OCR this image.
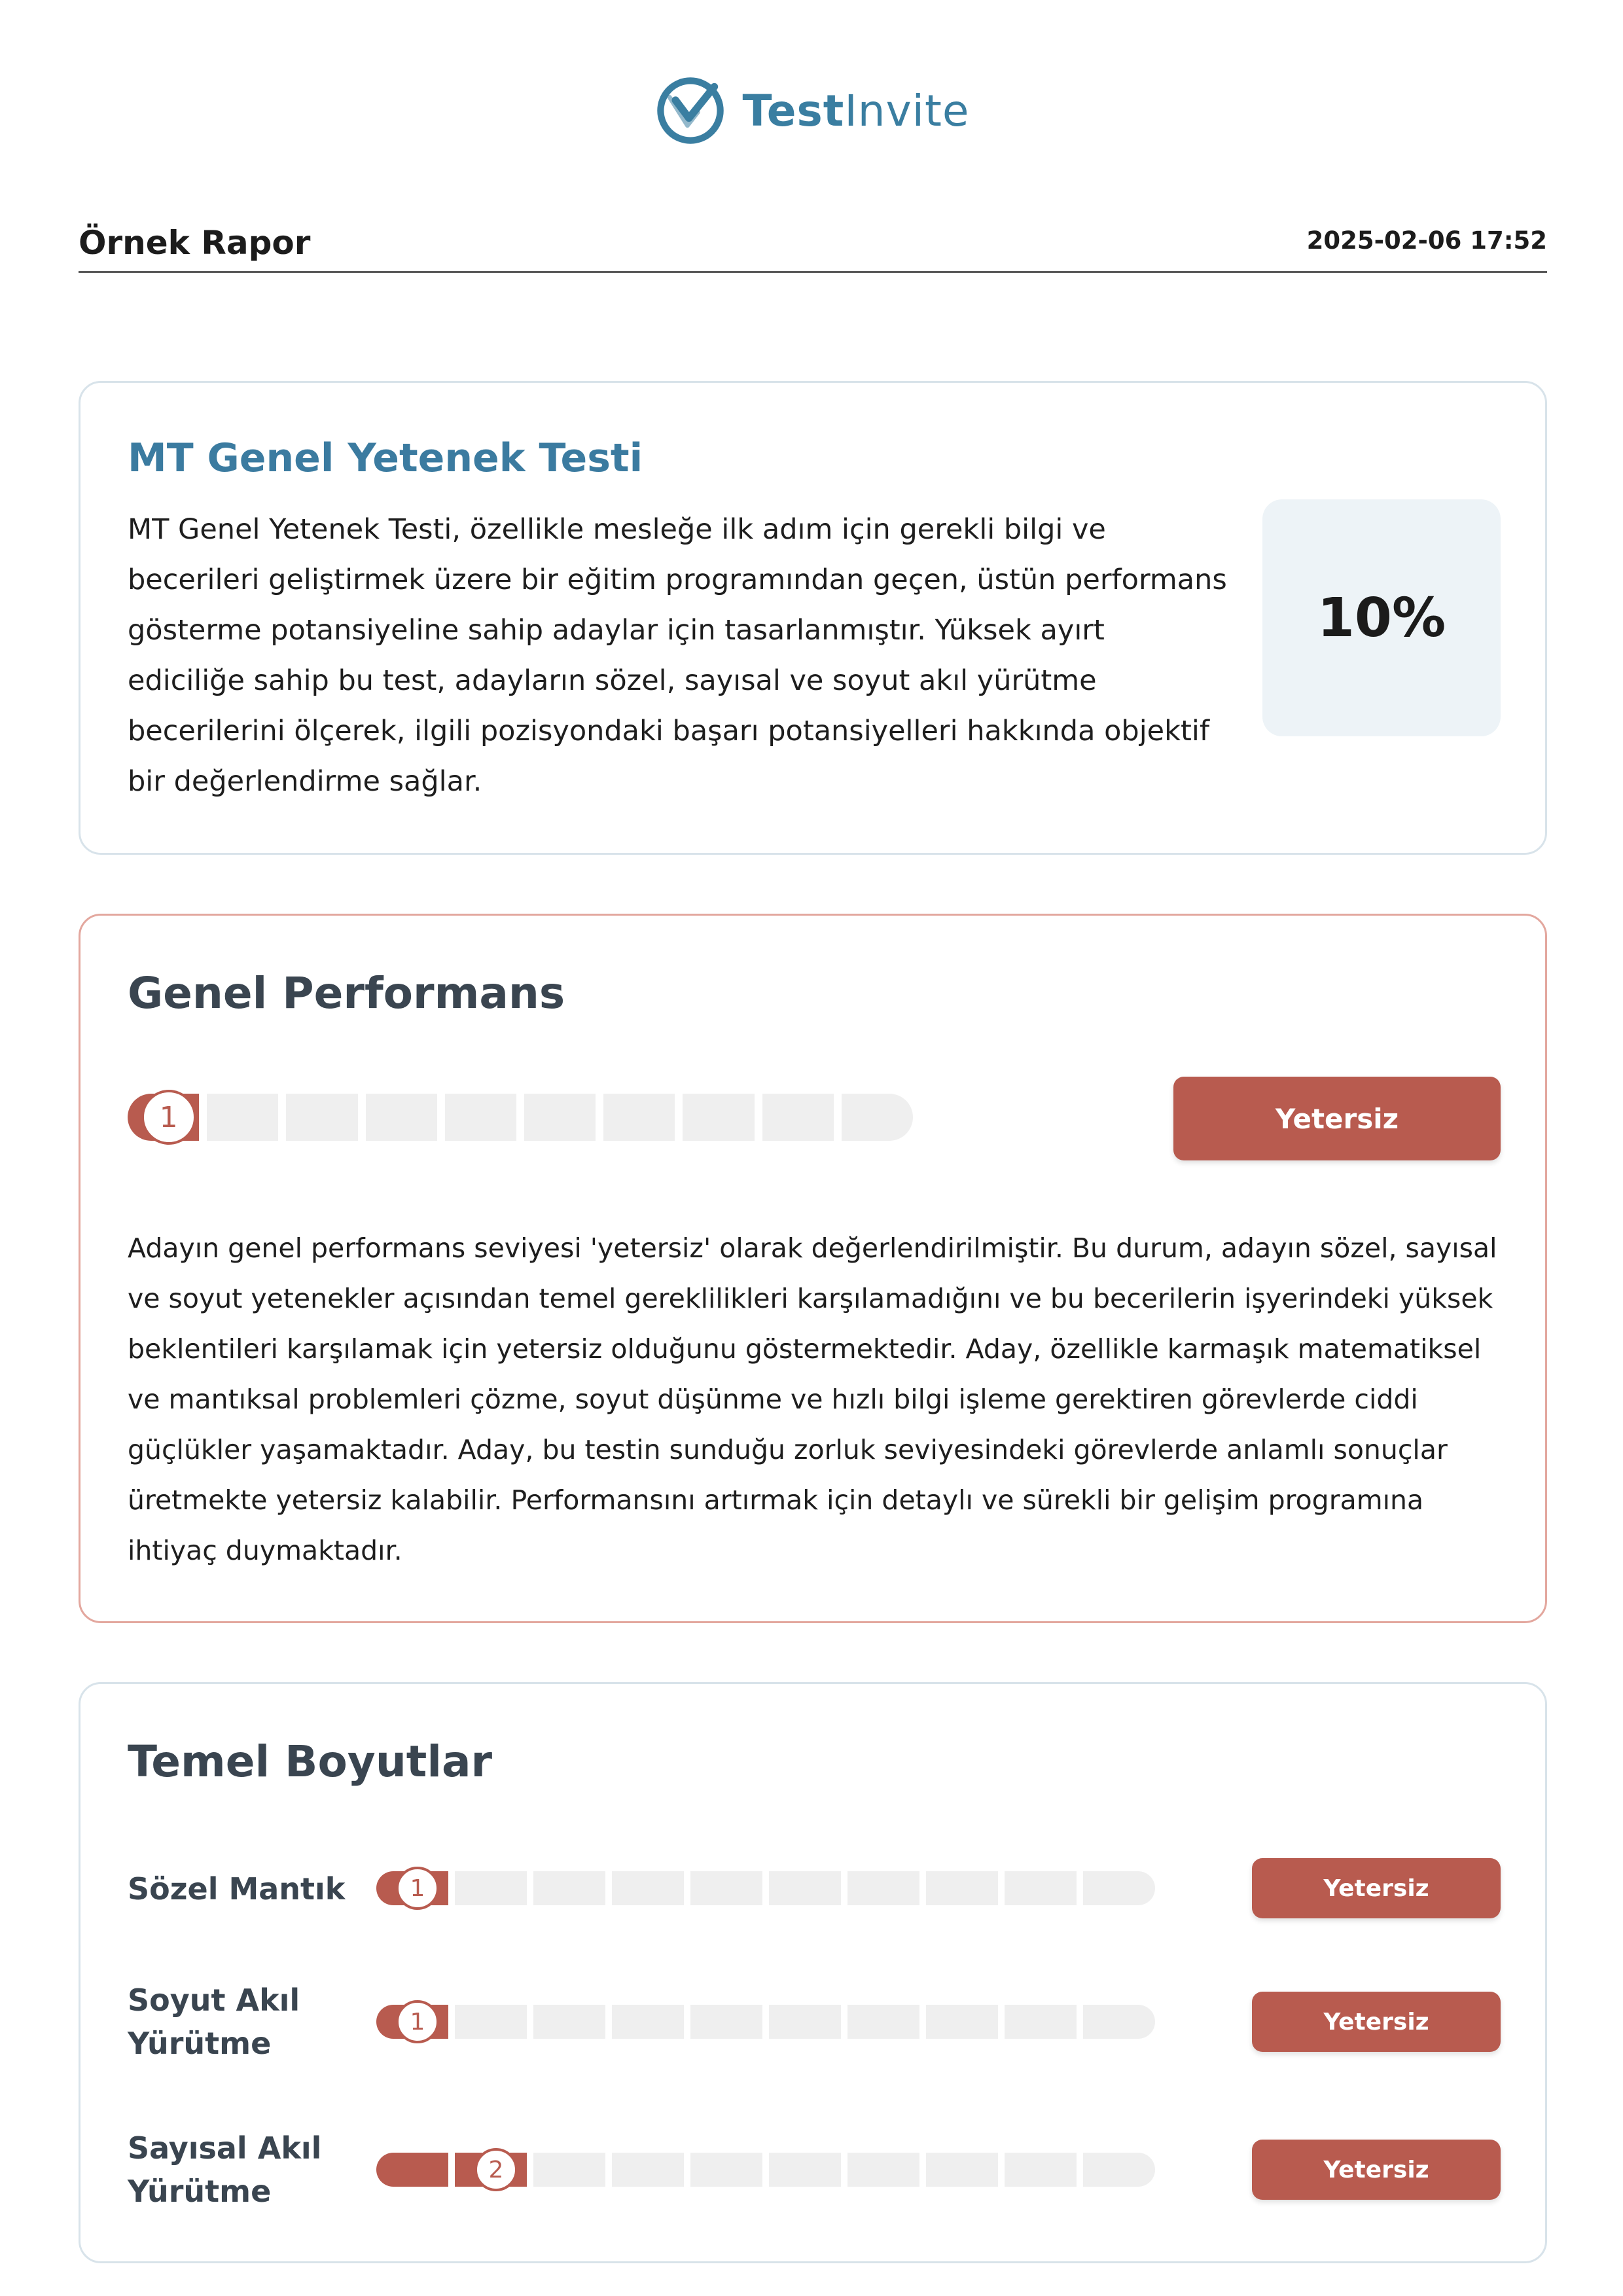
TestInvite
Örnek Rapor	2025-02-06 17:52
MT Genel Yetenek Testi
MT Genel Yetenek Testi, özellikle mesleğe ilk adım için gerekli bilgi ve becerileri geliştirmek üzere bir eğitim programından geçen, üstün performans gösterme potansiyeline sahip adaylar için tasarlanmıştır. Yüksek ayırt ediciliğe sahip bu test, adayların sözel, sayısal ve soyut akıl yürütme becerilerini ölçerek, ilgili pozisyondaki başarı potansiyelleri hakkında objektif bir değerlendirme sağlar.
10%
Genel Performans
1	Yetersiz
Adayın genel performans seviyesi 'yetersiz' olarak değerlendirilmiştir. Bu durum, adayın sözel, sayısal ve soyut yetenekler açısından temel gereklilikleri karşılamadığını ve bu becerilerin işyerindeki yüksek beklentileri karşılamak için yetersiz olduğunu göstermektedir. Aday, özellikle karmaşık matematiksel ve mantıksal problemleri çözme, soyut düşünme ve hızlı bilgi işleme gerektiren görevlerde ciddi güçlükler yaşamaktadır. Aday, bu testin sunduğu zorluk seviyesindeki görevlerde anlamlı sonuçlar üretmekte yetersiz kalabilir. Performansını artırmak için detaylı ve sürekli bir gelişim programına ihtiyaç duymaktadır.
Temel Boyutlar
Sözel Mantık	1	Yetersiz
Soyut Akıl
Yürütme
1	Yetersiz
Sayısal Akıl
Yürütme
2	Yetersiz
